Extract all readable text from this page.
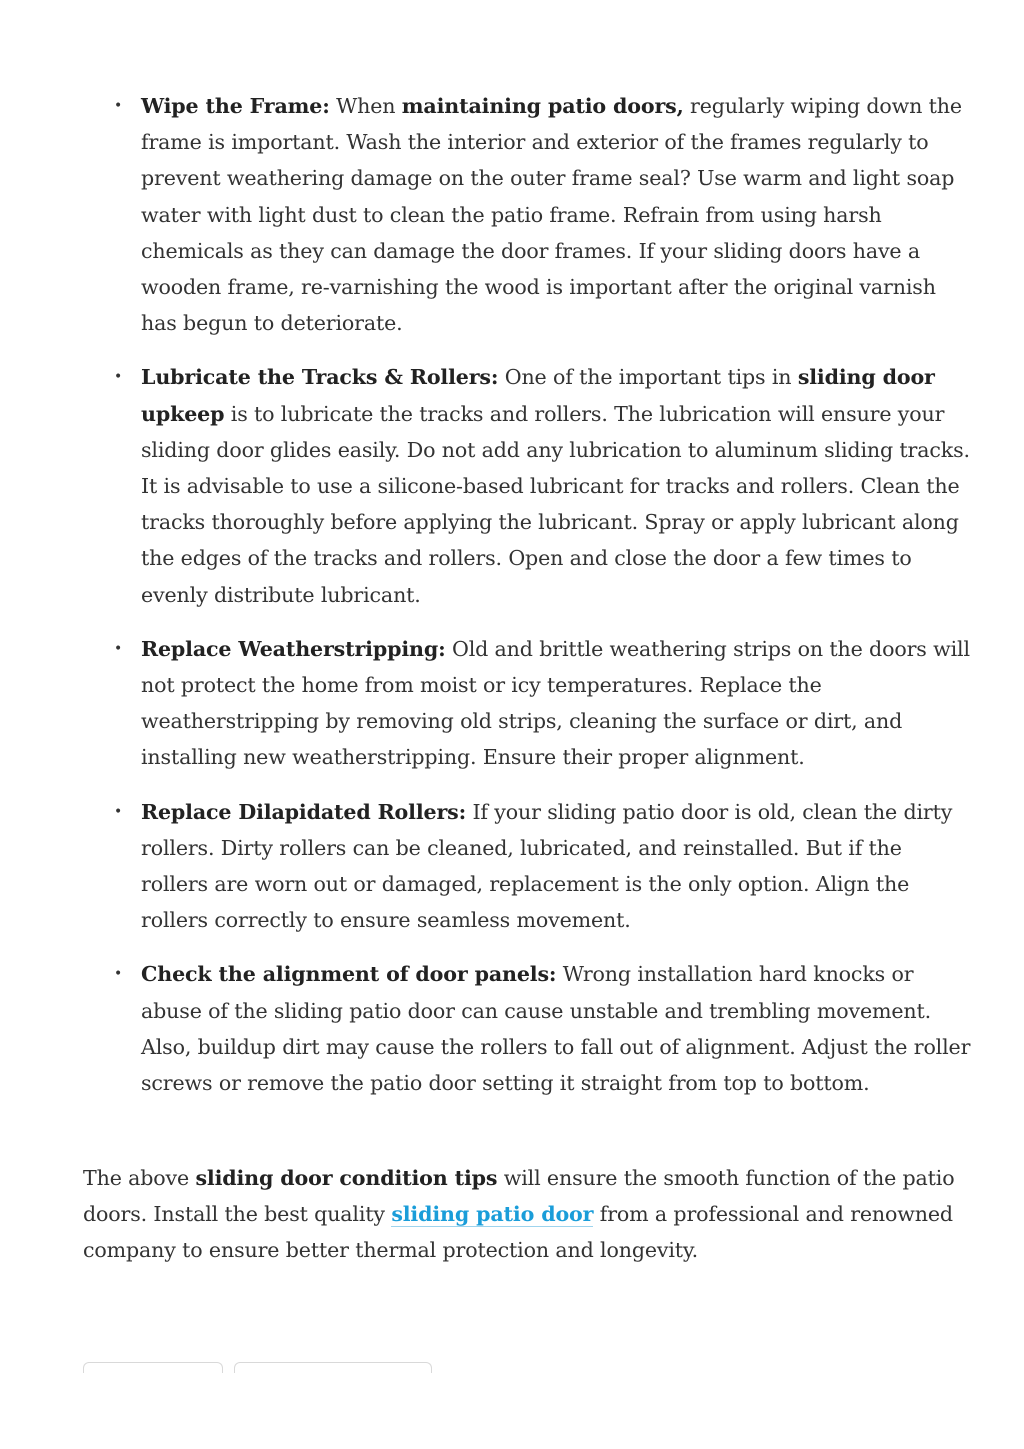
• Wipe the Frame: When maintaining patio doors, regularly wiping down the frame is important. Wash the interior and exterior of the frames regularly to prevent weathering damage on the outer frame seal? Use warm and light soap water with light dust to clean the patio frame. Refrain from using harsh chemicals as they can damage the door frames. If your sliding doors have a wooden frame, re-varnishing the wood is important after the original varnish has begun to deteriorate.
• Lubricate the Tracks & Rollers: One of the important tips in sliding door upkeep is to lubricate the tracks and rollers. The lubrication will ensure your sliding door glides easily. Do not add any lubrication to aluminum sliding tracks. It is advisable to use a silicone-based lubricant for tracks and rollers. Clean the tracks thoroughly before applying the lubricant. Spray or apply lubricant along the edges of the tracks and rollers. Open and close the door a few times to evenly distribute lubricant.
• Replace Weatherstripping: Old and brittle weathering strips on the doors will not protect the home from moist or icy temperatures. Replace the weatherstripping by removing old strips, cleaning the surface or dirt, and installing new weatherstripping. Ensure their proper alignment.
• Replace Dilapidated Rollers: If your sliding patio door is old, clean the dirty rollers. Dirty rollers can be cleaned, lubricated, and reinstalled. But if the rollers are worn out or damaged, replacement is the only option. Align the rollers correctly to ensure seamless movement.
• Check the alignment of door panels: Wrong installation hard knocks or abuse of the sliding patio door can cause unstable and trembling movement. Also, buildup dirt may cause the rollers to fall out of alignment. Adjust the roller screws or remove the patio door setting it straight from top to bottom.

The above sliding door condition tips will ensure the smooth function of the patio doors. Install the best quality sliding patio door from a professional and renowned company to ensure better thermal protection and longevity.
